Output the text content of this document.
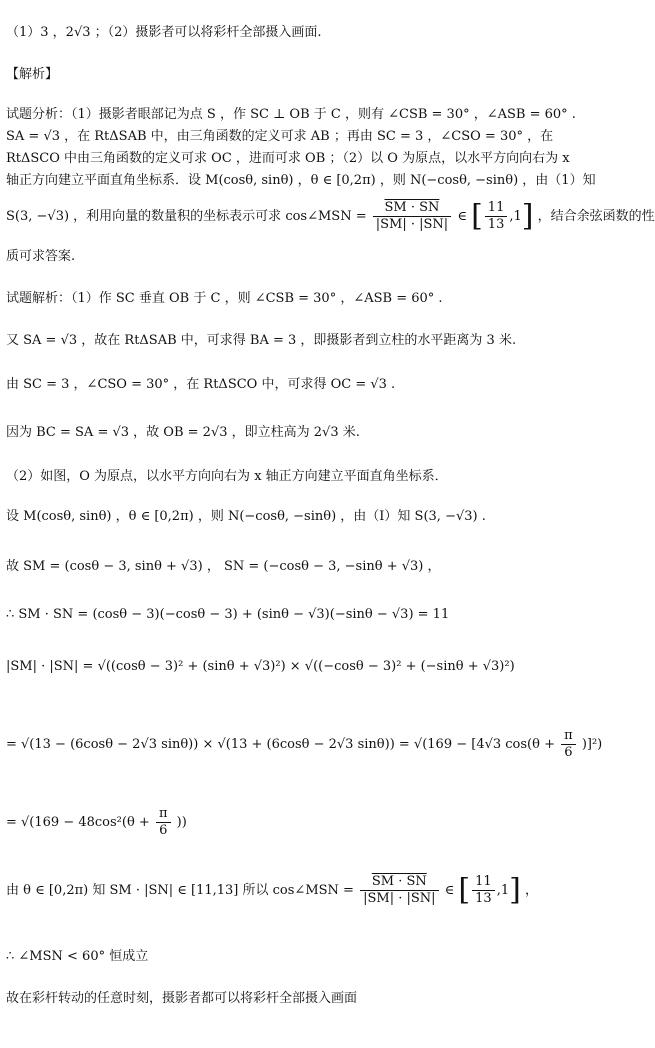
（1）3 ，2√3 ；（2）摄影者可以将彩杆全部摄入画面.
【解析】
试题分析：（1）摄影者眼部记为点 S ，作 SC ⊥ OB 于 C ，则有 ∠CSB = 30° ，∠ASB = 60° .
SA = √3 ，在 RtΔSAB 中，由三角函数的定义可求 AB ；再由 SC = 3 ，∠CSO = 30° ，在
RtΔSCO 中由三角函数的定义可求 OC ，进而可求 OB ；（2）以 O 为原点，以水平方向向右为 x
轴正方向建立平面直角坐标系．设 M(cosθ, sinθ) ，θ ∈ [0,2π) ，则 N(−cosθ, −sinθ) ，由（1）知
S(3, −√3) ，利用向量的数量积的坐标表示可求 cos∠MSN = $\frac{SM \cdot SN}{|SM| \cdot |SN|}$ ∈ [ $\frac{11}{13} ,1$] ，结合余弦函数的性
质可求答案.
试题解析：（1）作 SC 垂直 OB 于 C ，则 ∠CSB = 30° ，∠ASB = 60° .
又 SA = √3 ，故在 RtΔSAB 中，可求得 BA = 3 ，即摄影者到立柱的水平距离为 3 米.
由 SC = 3 ，∠CSO = 30° ，在 RtΔSCO 中，可求得 OC = √3 .
因为 BC = SA = √3 ，故 OB = 2√3 ，即立柱高为 2√3 米.
（2）如图，O 为原点，以水平方向向右为 x 轴正方向建立平面直角坐标系．
设 M(cosθ, sinθ) ，θ ∈ [0,2π) ，则 N(−cosθ, −sinθ) ，由（Ⅰ）知 S(3, −√3) .
故 SM = (cosθ − 3, sinθ + √3) ， SN = (−cosθ − 3, −sinθ + √3) ，
∴ SM · SN = (cosθ − 3)(−cosθ − 3) + (sinθ − √3)(−sinθ − √3) = 11
|SM| · |SN| = √((cosθ − 3)² + (sinθ + √3)²) × √((−cosθ − 3)² + (−sinθ + √3)²)
= √(13 − (6cosθ − 2√3 sinθ)) × √(13 + (6cosθ − 2√3 sinθ)) = √(169 − [4√3 $\cos(\theta + \frac{\pi}{6} )]^2$)
= $√(169 - 48\cos^2(\theta + \frac{\pi}{6}$ ))
由 θ ∈ [0,2π) 知 SM · |SN| ∈ [11,13] 所以 cos∠MSN = $\frac{SM \cdot SN}{|SM| \cdot |SN|}$ ∈ [ $\frac{11}{13} ,1$] ，
∴ ∠MSN < 60° 恒成立
故在彩杆转动的任意时刻，摄影者都可以将彩杆全部摄入画面
